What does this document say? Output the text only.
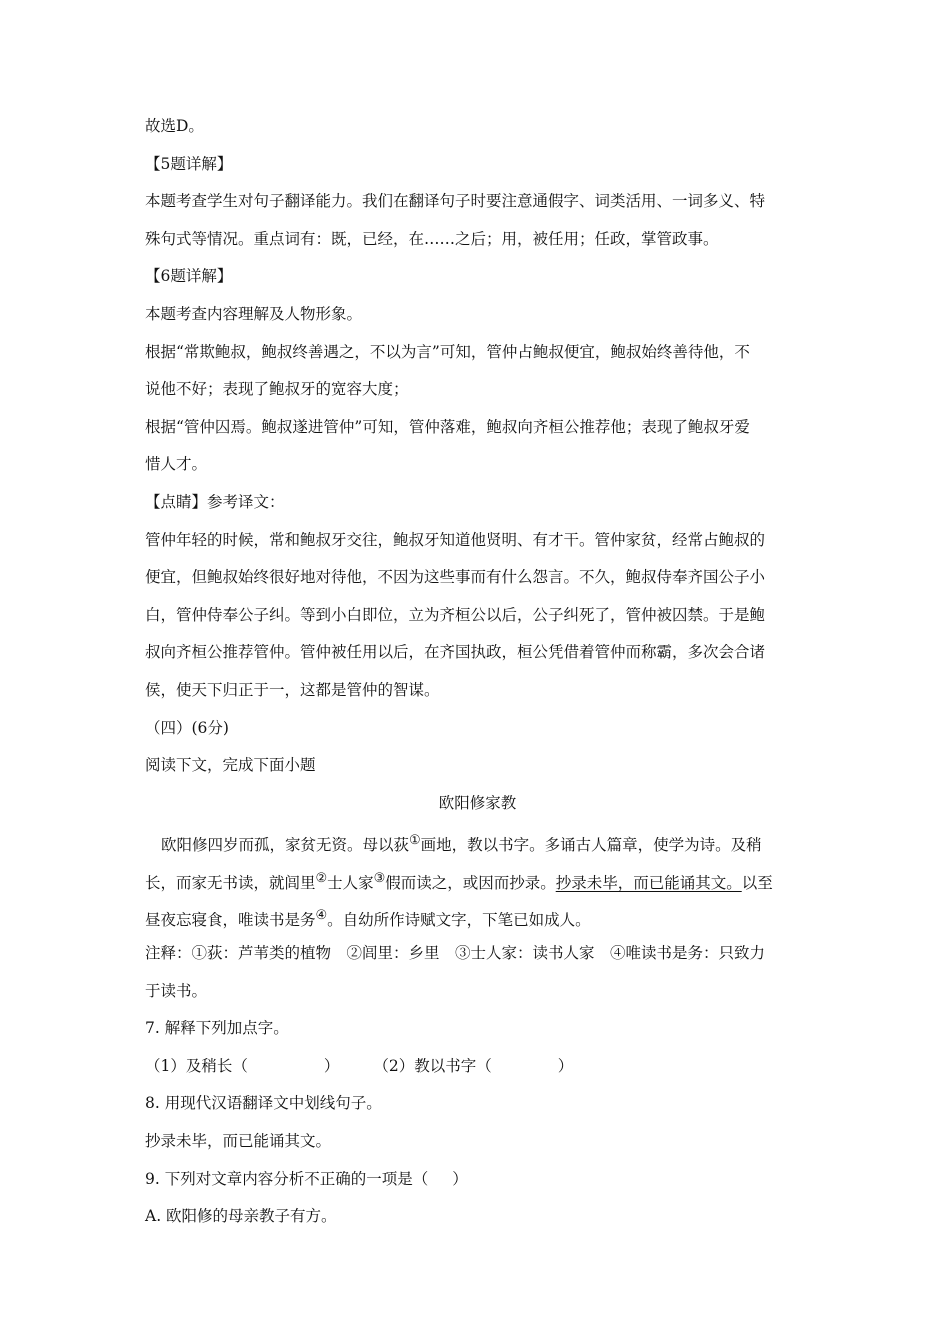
故选D。
【5题详解】
本题考查学生对句子翻译能力。我们在翻译句子时要注意通假字、词类活用、一词多义、特
殊句式等情况。重点词有：既，已经，在……之后；用，被任用；任政，掌管政事。
【6题详解】
本题考查内容理解及人物形象。
根据“常欺鲍叔，鲍叔终善遇之，不以为言”可知，管仲占鲍叔便宜，鲍叔始终善待他，不
说他不好；表现了鲍叔牙的宽容大度；
根据“管仲囚焉。鲍叔遂进管仲”可知，管仲落难，鲍叔向齐桓公推荐他；表现了鲍叔牙爱
惜人才。
【点睛】参考译文：
管仲年轻的时候，常和鲍叔牙交往，鲍叔牙知道他贤明、有才干。管仲家贫，经常占鲍叔的
便宜，但鲍叔始终很好地对待他，不因为这些事而有什么怨言。不久，鲍叔侍奉齐国公子小
白，管仲侍奉公子纠。等到小白即位，立为齐桓公以后，公子纠死了，管仲被囚禁。于是鲍
叔向齐桓公推荐管仲。管仲被任用以后，在齐国执政，桓公凭借着管仲而称霸，多次会合诸
侯，使天下归正于一，这都是管仲的智谋。
（四）(6分)
阅读下文，完成下面小题
欧阳修家教
欧阳修四岁而孤，家贫无资。母以荻①画地，教以书字。多诵古人篇章，使学为诗。及稍
长，而家无书读，就闾里②士人家③假而读之，或因而抄录。抄录未毕，而已能诵其文。以至
昼夜忘寝食，唯读书是务④。自幼所作诗赋文字，下笔已如成人。
注释：①荻：芦苇类的植物　②闾里：乡里　③士人家：读书人家　④唯读书是务：只致力
于读书。
7. 解释下列加点字。
（1）及稍长（	） （2）教以书字（	）
8. 用现代汉语翻译文中划线句子。
抄录未毕，而已能诵其文。
9. 下列对文章内容分析不正确的一项是（ ）
A. 欧阳修的母亲教子有方。
